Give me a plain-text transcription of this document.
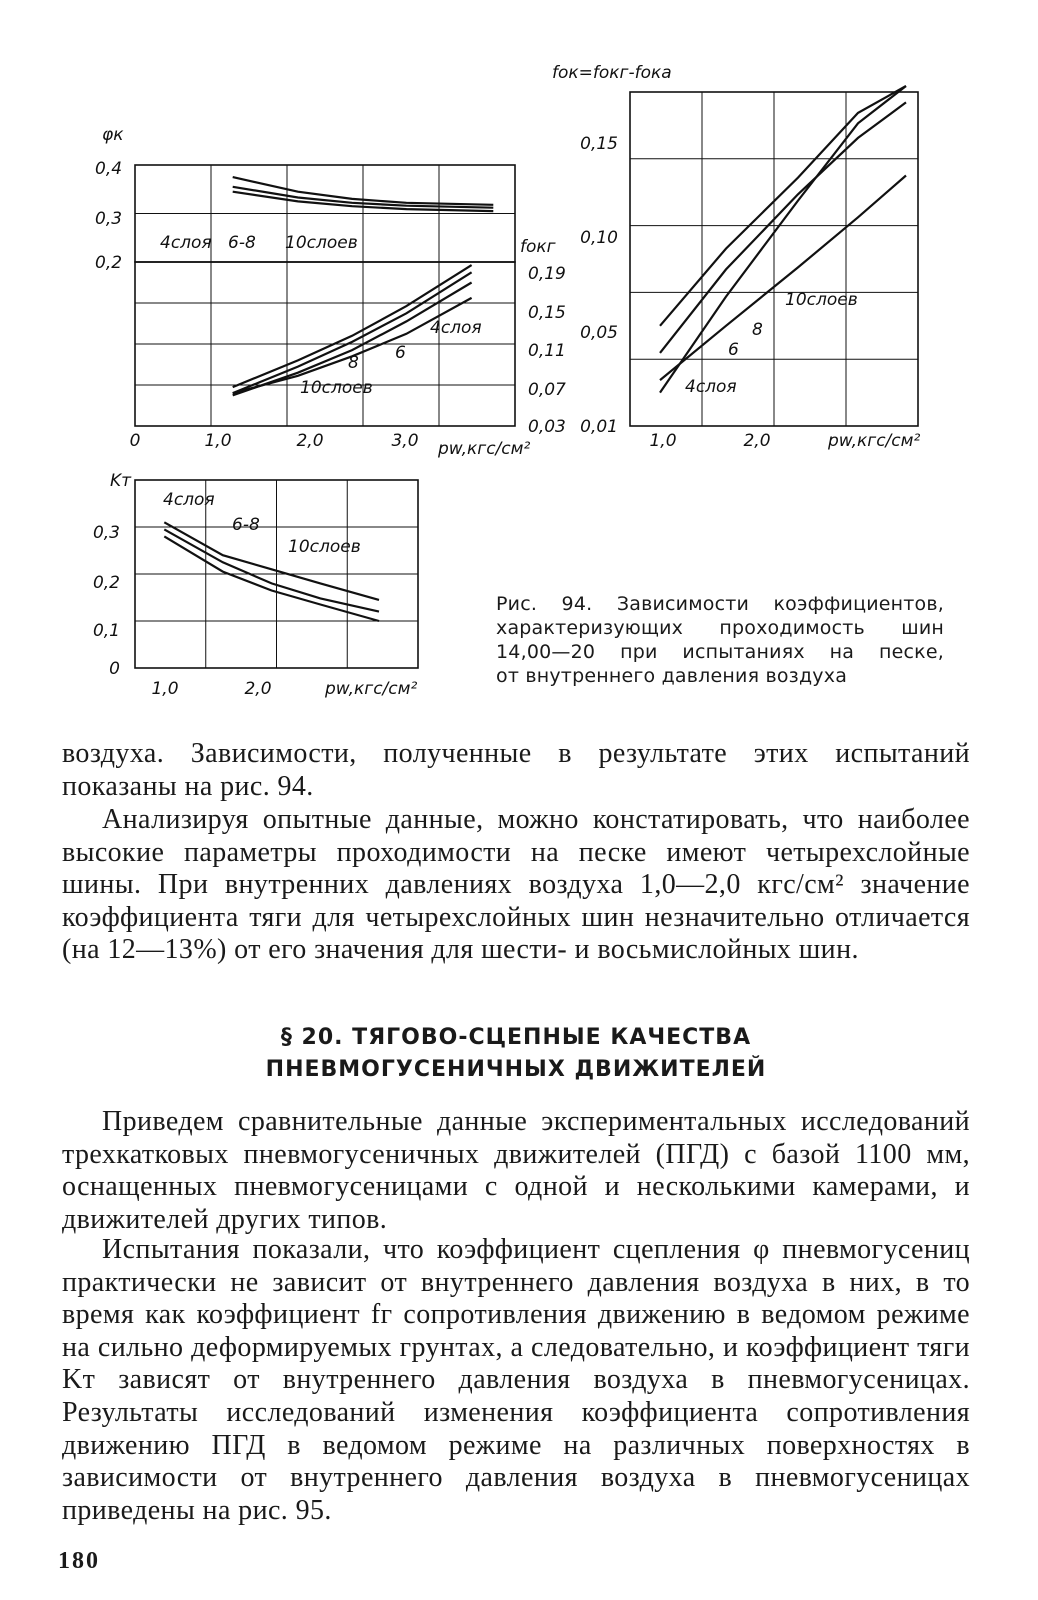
0,4
0,3
0,2
φк
4слоя 6-8 10слоев
0,19
0,15
0,11
0,07
0,03
0	1,0	2,0	3,0
fокг
pw,кгс/см²
4слоя
6
8
10слоев
0,15
0,10
0,05
0,01
1,0	2,0
fок=fокг-fока
pw,кгс/см²
4слоя
6
8
10слоев
0,3
0,2
0,1
0
1,0	2,0
Kт
pw,кгс/см²
4слоя
6-8
10слоев
Рис. 94. Зависимости коэффициентов,
характеризующих проходимость шин
14,00—20 при испытаниях на песке,
от внутреннего давления воздуха

воздуха. Зависимости, полученные в результате этих испытаний показаны на рис. 94.

Анализируя опытные данные, можно констатировать, что наиболее высокие параметры проходимости на песке имеют четырехслойные шины. При внутренних давлениях воздуха 1,0—2,0 кгс/см² значение коэффициента тяги для четырехслойных шин незначительно отличается (на 12—13%) от его значения для шести- и восьмислойных шин.

§ 20. ТЯГОВО-СЦЕПНЫЕ КАЧЕСТВА
ПНЕВМОГУСЕНИЧНЫХ ДВИЖИТЕЛЕЙ

Приведем сравнительные данные экспериментальных исследований трехкатковых пневмогусеничных движителей (ПГД) с базой 1100 мм, оснащенных пневмогусеницами с одной и несколькими камерами, и движителей других типов.

Испытания показали, что коэффициент сцепления φ пневмогусениц практически не зависит от внутреннего давления воздуха в них, в то время как коэффициент fг сопротивления движению в ведомом режиме на сильно деформируемых грунтах, а следовательно, и коэффициент тяги Kт зависят от внутреннего давления воздуха в пневмогусеницах. Результаты исследований изменения коэффициента сопротивления движению ПГД в ведомом режиме на различных поверхностях в зависимости от внутреннего давления воздуха в пневмогусеницах приведены на рис. 95.

180
